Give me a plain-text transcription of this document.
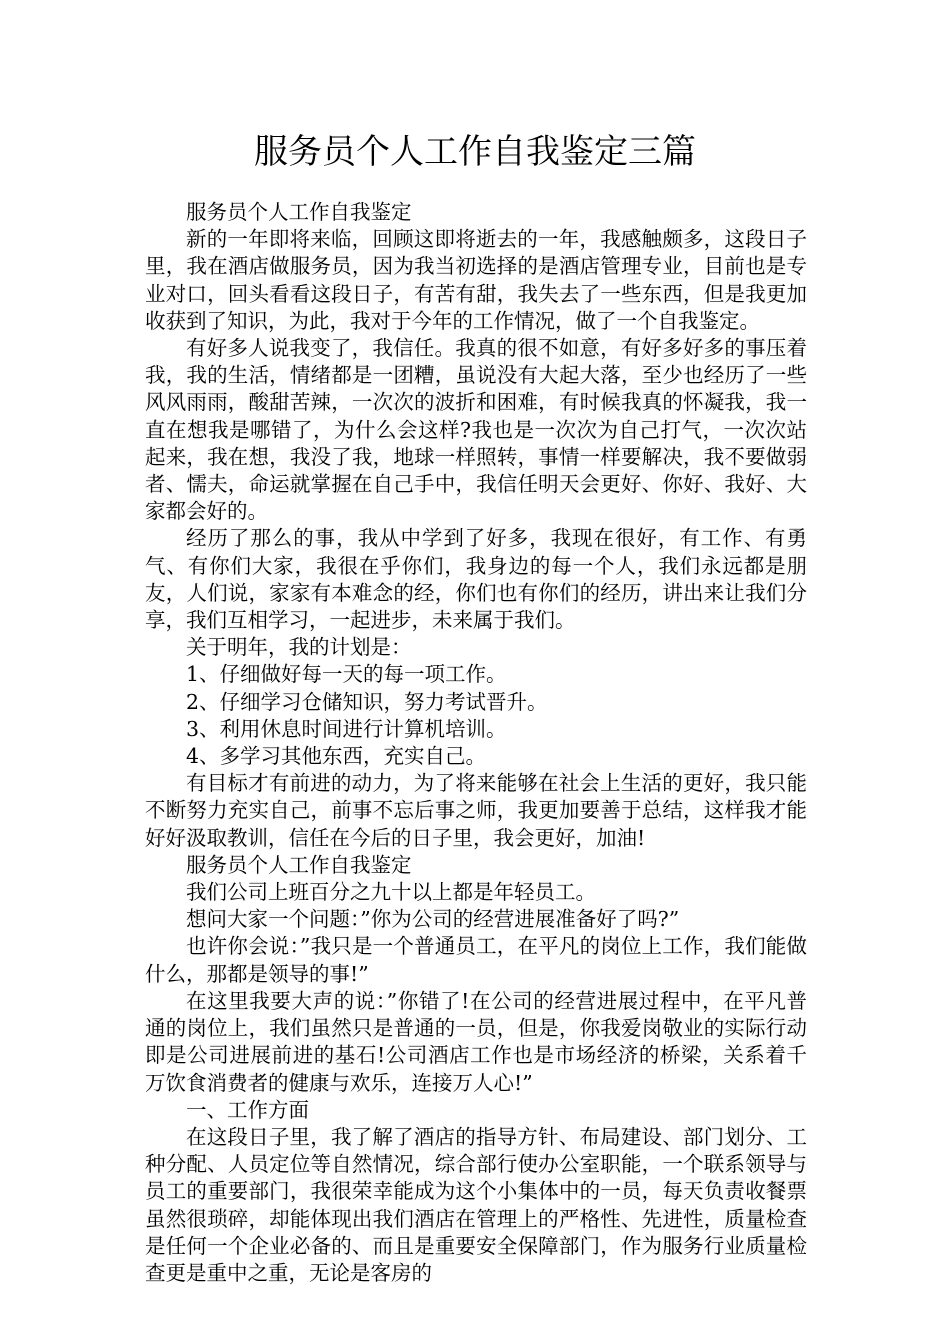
服务员个人工作自我鉴定三篇

服务员个人工作自我鉴定

新的一年即将来临，回顾这即将逝去的一年，我感触颇多，这段日子里，我在酒店做服务员，因为我当初选择的是酒店管理专业，目前也是专业对口，回头看看这段日子，有苦有甜，我失去了一些东西，但是我更加收获到了知识，为此，我对于今年的工作情况，做了一个自我鉴定。

有好多人说我变了，我信任。我真的很不如意，有好多好多的事压着我，我的生活，情绪都是一团糟，虽说没有大起大落，至少也经历了一些风风雨雨，酸甜苦辣，一次次的波折和困难，有时候我真的怀凝我，我一直在想我是哪错了，为什么会这样?我也是一次次为自己打气，一次次站起来，我在想，我没了我，地球一样照转，事情一样要解决，我不要做弱者、懦夫，命运就掌握在自己手中，我信任明天会更好、你好、我好、大家都会好的。

经历了那么的事，我从中学到了好多，我现在很好，有工作、有勇气、有你们大家，我很在乎你们，我身边的每一个人，我们永远都是朋友，人们说，家家有本难念的经，你们也有你们的经历，讲出来让我们分享，我们互相学习，一起进步，未来属于我们。

关于明年，我的计划是：

1、仔细做好每一天的每一项工作。

2、仔细学习仓储知识，努力考试晋升。

3、利用休息时间进行计算机培训。

4、多学习其他东西，充实自己。

有目标才有前进的动力，为了将来能够在社会上生活的更好，我只能不断努力充实自己，前事不忘后事之师，我更加要善于总结，这样我才能好好汲取教训，信任在今后的日子里，我会更好，加油!

服务员个人工作自我鉴定

我们公司上班百分之九十以上都是年轻员工。

想问大家一个问题：”你为公司的经营进展准备好了吗?”

也许你会说：”我只是一个普通员工，在平凡的岗位上工作，我们能做什么，那都是领导的事!”

在这里我要大声的说：”你错了!在公司的经营进展过程中，在平凡普通的岗位上，我们虽然只是普通的一员，但是，你我爱岗敬业的实际行动即是公司进展前进的基石!公司酒店工作也是市场经济的桥梁，关系着千万饮食消费者的健康与欢乐，连接万人心!”

一、工作方面

在这段日子里，我了解了酒店的指导方针、布局建设、部门划分、工种分配、人员定位等自然情况，综合部行使办公室职能，一个联系领导与员工的重要部门，我很荣幸能成为这个小集体中的一员，每天负责收餐票虽然很琐碎，却能体现出我们酒店在管理上的严格性、先进性，质量检查是任何一个企业必备的、而且是重要安全保障部门，作为服务行业质量检查更是重中之重，无论是客房的
